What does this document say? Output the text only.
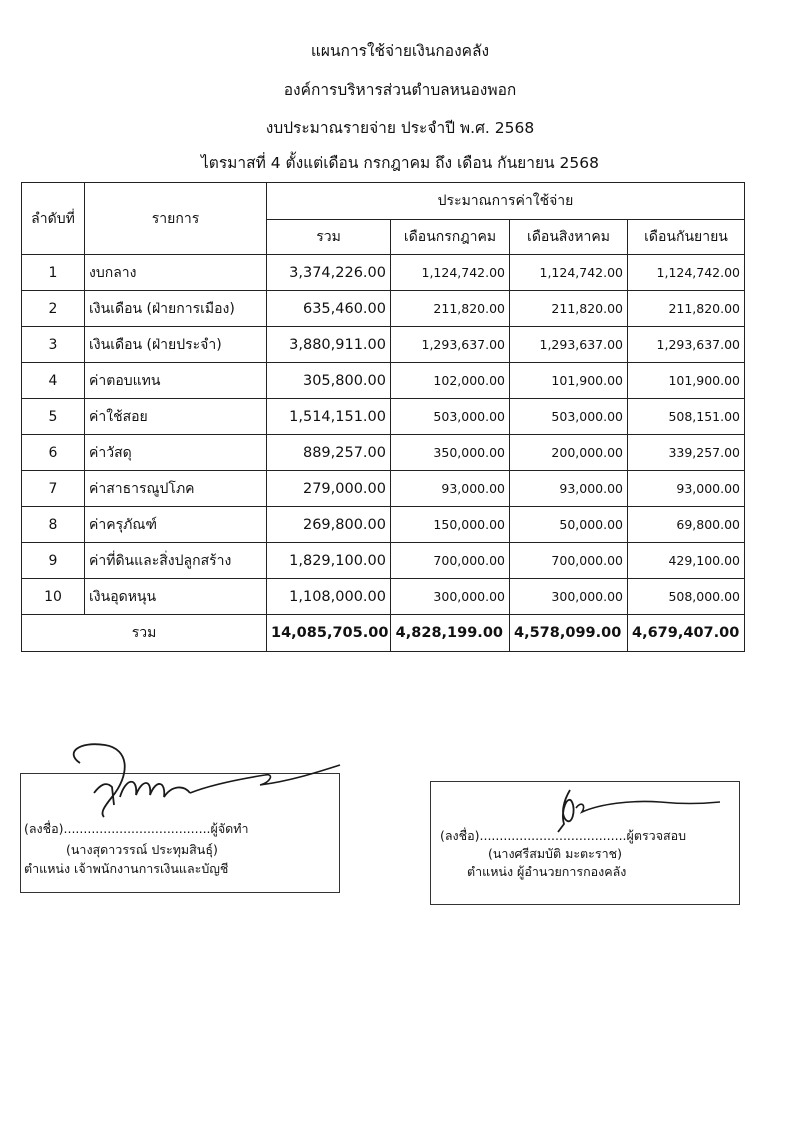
แผนการใช้จ่ายเงินกองคลัง
องค์การบริหารส่วนตำบลหนองพอก
งบประมาณรายจ่าย ประจำปี พ.ศ. 2568
ไตรมาสที่ 4 ตั้งแต่เดือน กรกฎาคม ถึง เดือน กันยายน 2568
ลำดับที่	รายการ	ประมาณการค่าใช้จ่าย			
		รวม	เดือนกรกฎาคม	เดือนสิงหาคม	เดือนกันยายน
1	งบกลาง	3,374,226.00	1,124,742.00	1,124,742.00	1,124,742.00
2	เงินเดือน (ฝ่ายการเมือง)	635,460.00	211,820.00	211,820.00	211,820.00
3	เงินเดือน (ฝ่ายประจำ)	3,880,911.00	1,293,637.00	1,293,637.00	1,293,637.00
4	ค่าตอบแทน	305,800.00	102,000.00	101,900.00	101,900.00
5	ค่าใช้สอย	1,514,151.00	503,000.00	503,000.00	508,151.00
6	ค่าวัสดุ	889,257.00	350,000.00	200,000.00	339,257.00
7	ค่าสาธารณูปโภค	279,000.00	93,000.00	93,000.00	93,000.00
8	ค่าครุภัณฑ์	269,800.00	150,000.00	50,000.00	69,800.00
9	ค่าที่ดินและสิ่งปลูกสร้าง	1,829,100.00	700,000.00	700,000.00	429,100.00
10	เงินอุดหนุน	1,108,000.00	300,000.00	300,000.00	508,000.00
รวม		14,085,705.00	4,828,199.00	4,578,099.00	4,679,407.00
(ลงชื่อ).....................................ผู้จัดทำ
(นางสุดาวรรณ์ ประทุมสินธุ์)
ตำแหน่ง เจ้าพนักงานการเงินและบัญชี
(ลงชื่อ).....................................ผู้ตรวจสอบ
(นางศรีสมบัติ มะตะราช)
ตำแหน่ง ผู้อำนวยการกองคลัง
